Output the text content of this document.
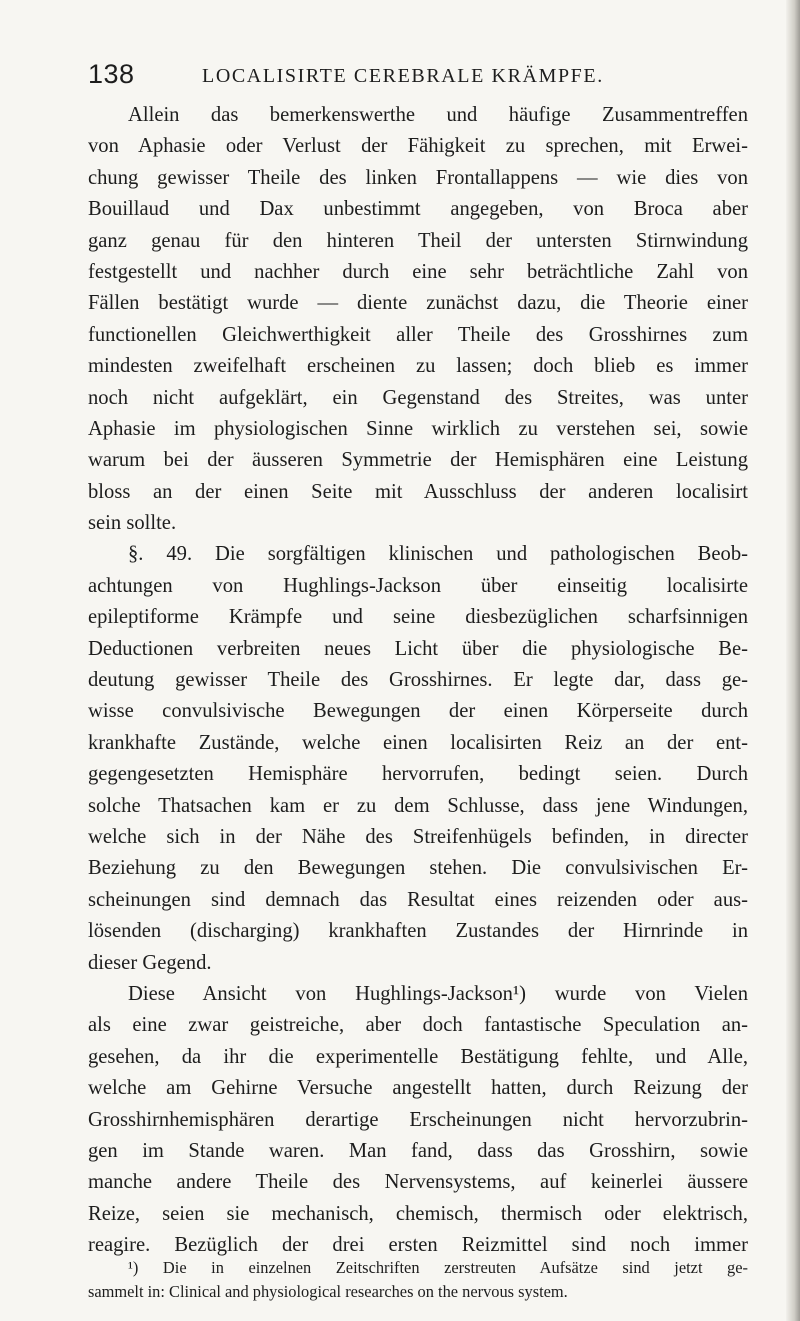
138	LOCALISIRTE CEREBRALE KRÄMPFE.
Allein das bemerkenswerthe und häufige Zusammentreffen
von Aphasie oder Verlust der Fähigkeit zu sprechen, mit Erwei-
chung gewisser Theile des linken Frontallappens — wie dies von
Bouillaud und Dax unbestimmt angegeben, von Broca aber
ganz genau für den hinteren Theil der untersten Stirnwindung
festgestellt und nachher durch eine sehr beträchtliche Zahl von
Fällen bestätigt wurde — diente zunächst dazu, die Theorie einer
functionellen Gleichwerthigkeit aller Theile des Grosshirnes zum
mindesten zweifelhaft erscheinen zu lassen; doch blieb es immer
noch nicht aufgeklärt, ein Gegenstand des Streites, was unter
Aphasie im physiologischen Sinne wirklich zu verstehen sei, sowie
warum bei der äusseren Symmetrie der Hemisphären eine Leistung
bloss an der einen Seite mit Ausschluss der anderen localisirt
sein sollte.
§. 49. Die sorgfältigen klinischen und pathologischen Beob-
achtungen von Hughlings-Jackson über einseitig localisirte
epileptiforme Krämpfe und seine diesbezüglichen scharfsinnigen
Deductionen verbreiten neues Licht über die physiologische Be-
deutung gewisser Theile des Grosshirnes. Er legte dar, dass ge-
wisse convulsivische Bewegungen der einen Körperseite durch
krankhafte Zustände, welche einen localisirten Reiz an der ent-
gegengesetzten Hemisphäre hervorrufen, bedingt seien. Durch
solche Thatsachen kam er zu dem Schlusse, dass jene Windungen,
welche sich in der Nähe des Streifenhügels befinden, in directer
Beziehung zu den Bewegungen stehen. Die convulsivischen Er-
scheinungen sind demnach das Resultat eines reizenden oder aus-
lösenden (discharging) krankhaften Zustandes der Hirnrinde in
dieser Gegend.
Diese Ansicht von Hughlings-Jackson¹) wurde von Vielen
als eine zwar geistreiche, aber doch fantastische Speculation an-
gesehen, da ihr die experimentelle Bestätigung fehlte, und Alle,
welche am Gehirne Versuche angestellt hatten, durch Reizung der
Grosshirnhemisphären derartige Erscheinungen nicht hervorzubrin-
gen im Stande waren. Man fand, dass das Grosshirn, sowie
manche andere Theile des Nervensystems, auf keinerlei äussere
Reize, seien sie mechanisch, chemisch, thermisch oder elektrisch,
reagire. Bezüglich der drei ersten Reizmittel sind noch immer
¹) Die in einzelnen Zeitschriften zerstreuten Aufsätze sind jetzt ge-
sammelt in: Clinical and physiological researches on the nervous system.
